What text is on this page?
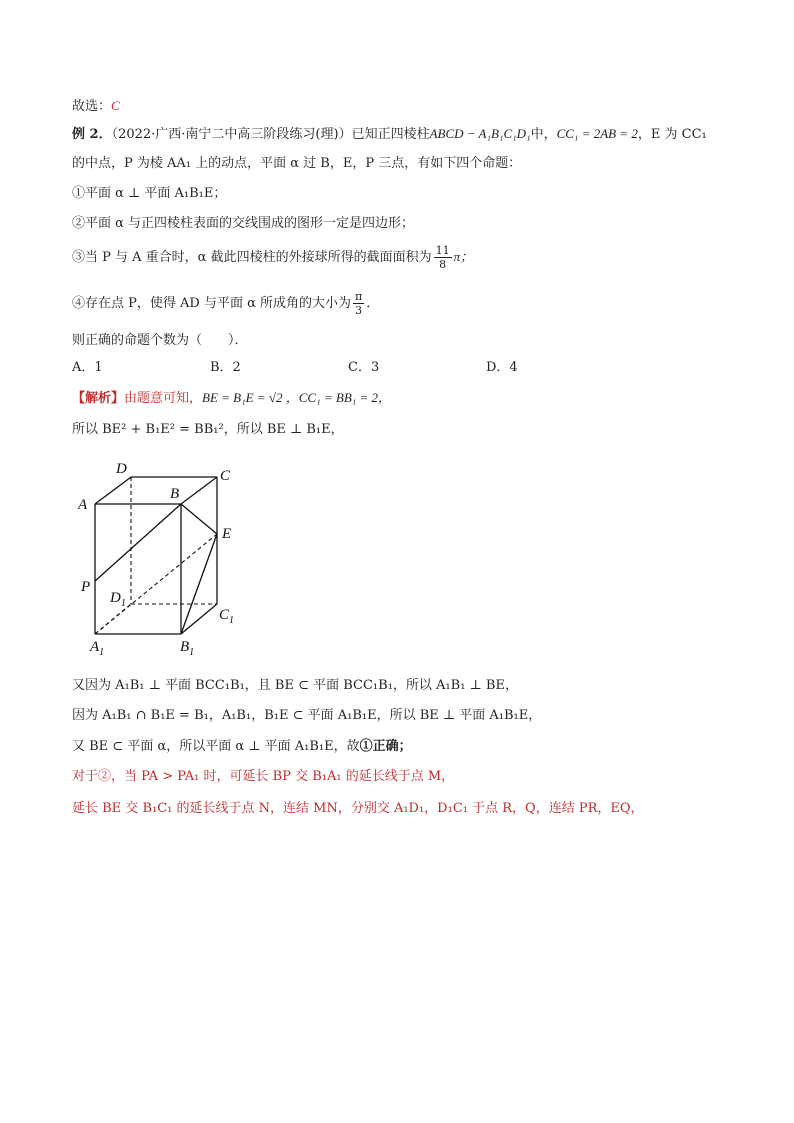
故选：C
例 2．（2022·广西·南宁二中高三阶段练习(理)）已知正四棱柱ABCD − A₁B₁C₁D₁中，CC₁ = 2AB = 2，E 为 CC₁
的中点，P 为棱 AA₁ 上的动点，平面 α 过 B，E，P 三点，有如下四个命题：
①平面 α ⊥ 平面 A₁B₁E；
②平面 α 与正四棱柱表面的交线围成的图形一定是四边形；
③当 P 与 A 重合时，α 截此四棱柱的外接球所得的截面面积为 $\frac{11}{8}$ π；
④存在点 P，使得 AD 与平面 α 所成角的大小为 $\frac{\pi}{3}$ ．
则正确的命题个数为（　　）．
A．1	B．2	C．3	D．4
【解析】由题意可知，BE = B₁E = √2 ，CC₁ = BB₁ = 2，
所以 BE² + B₁E² = BB₁²，所以 BE ⊥ B₁E，
A
B
C
D
E
P
$D_1$
$C_1$
$A_1$	$B_1$
又因为 A₁B₁ ⊥ 平面 BCC₁B₁，且 BE ⊂ 平面 BCC₁B₁，所以 A₁B₁ ⊥ BE，
因为 A₁B₁ ∩ B₁E = B₁，A₁B₁，B₁E ⊂ 平面 A₁B₁E，所以 BE ⊥ 平面 A₁B₁E，
又 BE ⊂ 平面 α，所以平面 α ⊥ 平面 A₁B₁E，故①正确；
对于②，当 PA > PA₁ 时，可延长 BP 交 B₁A₁ 的延长线于点 M，
延长 BE 交 B₁C₁ 的延长线于点 N，连结 MN，分别交 A₁D₁，D₁C₁ 于点 R，Q，连结 PR，EQ，
